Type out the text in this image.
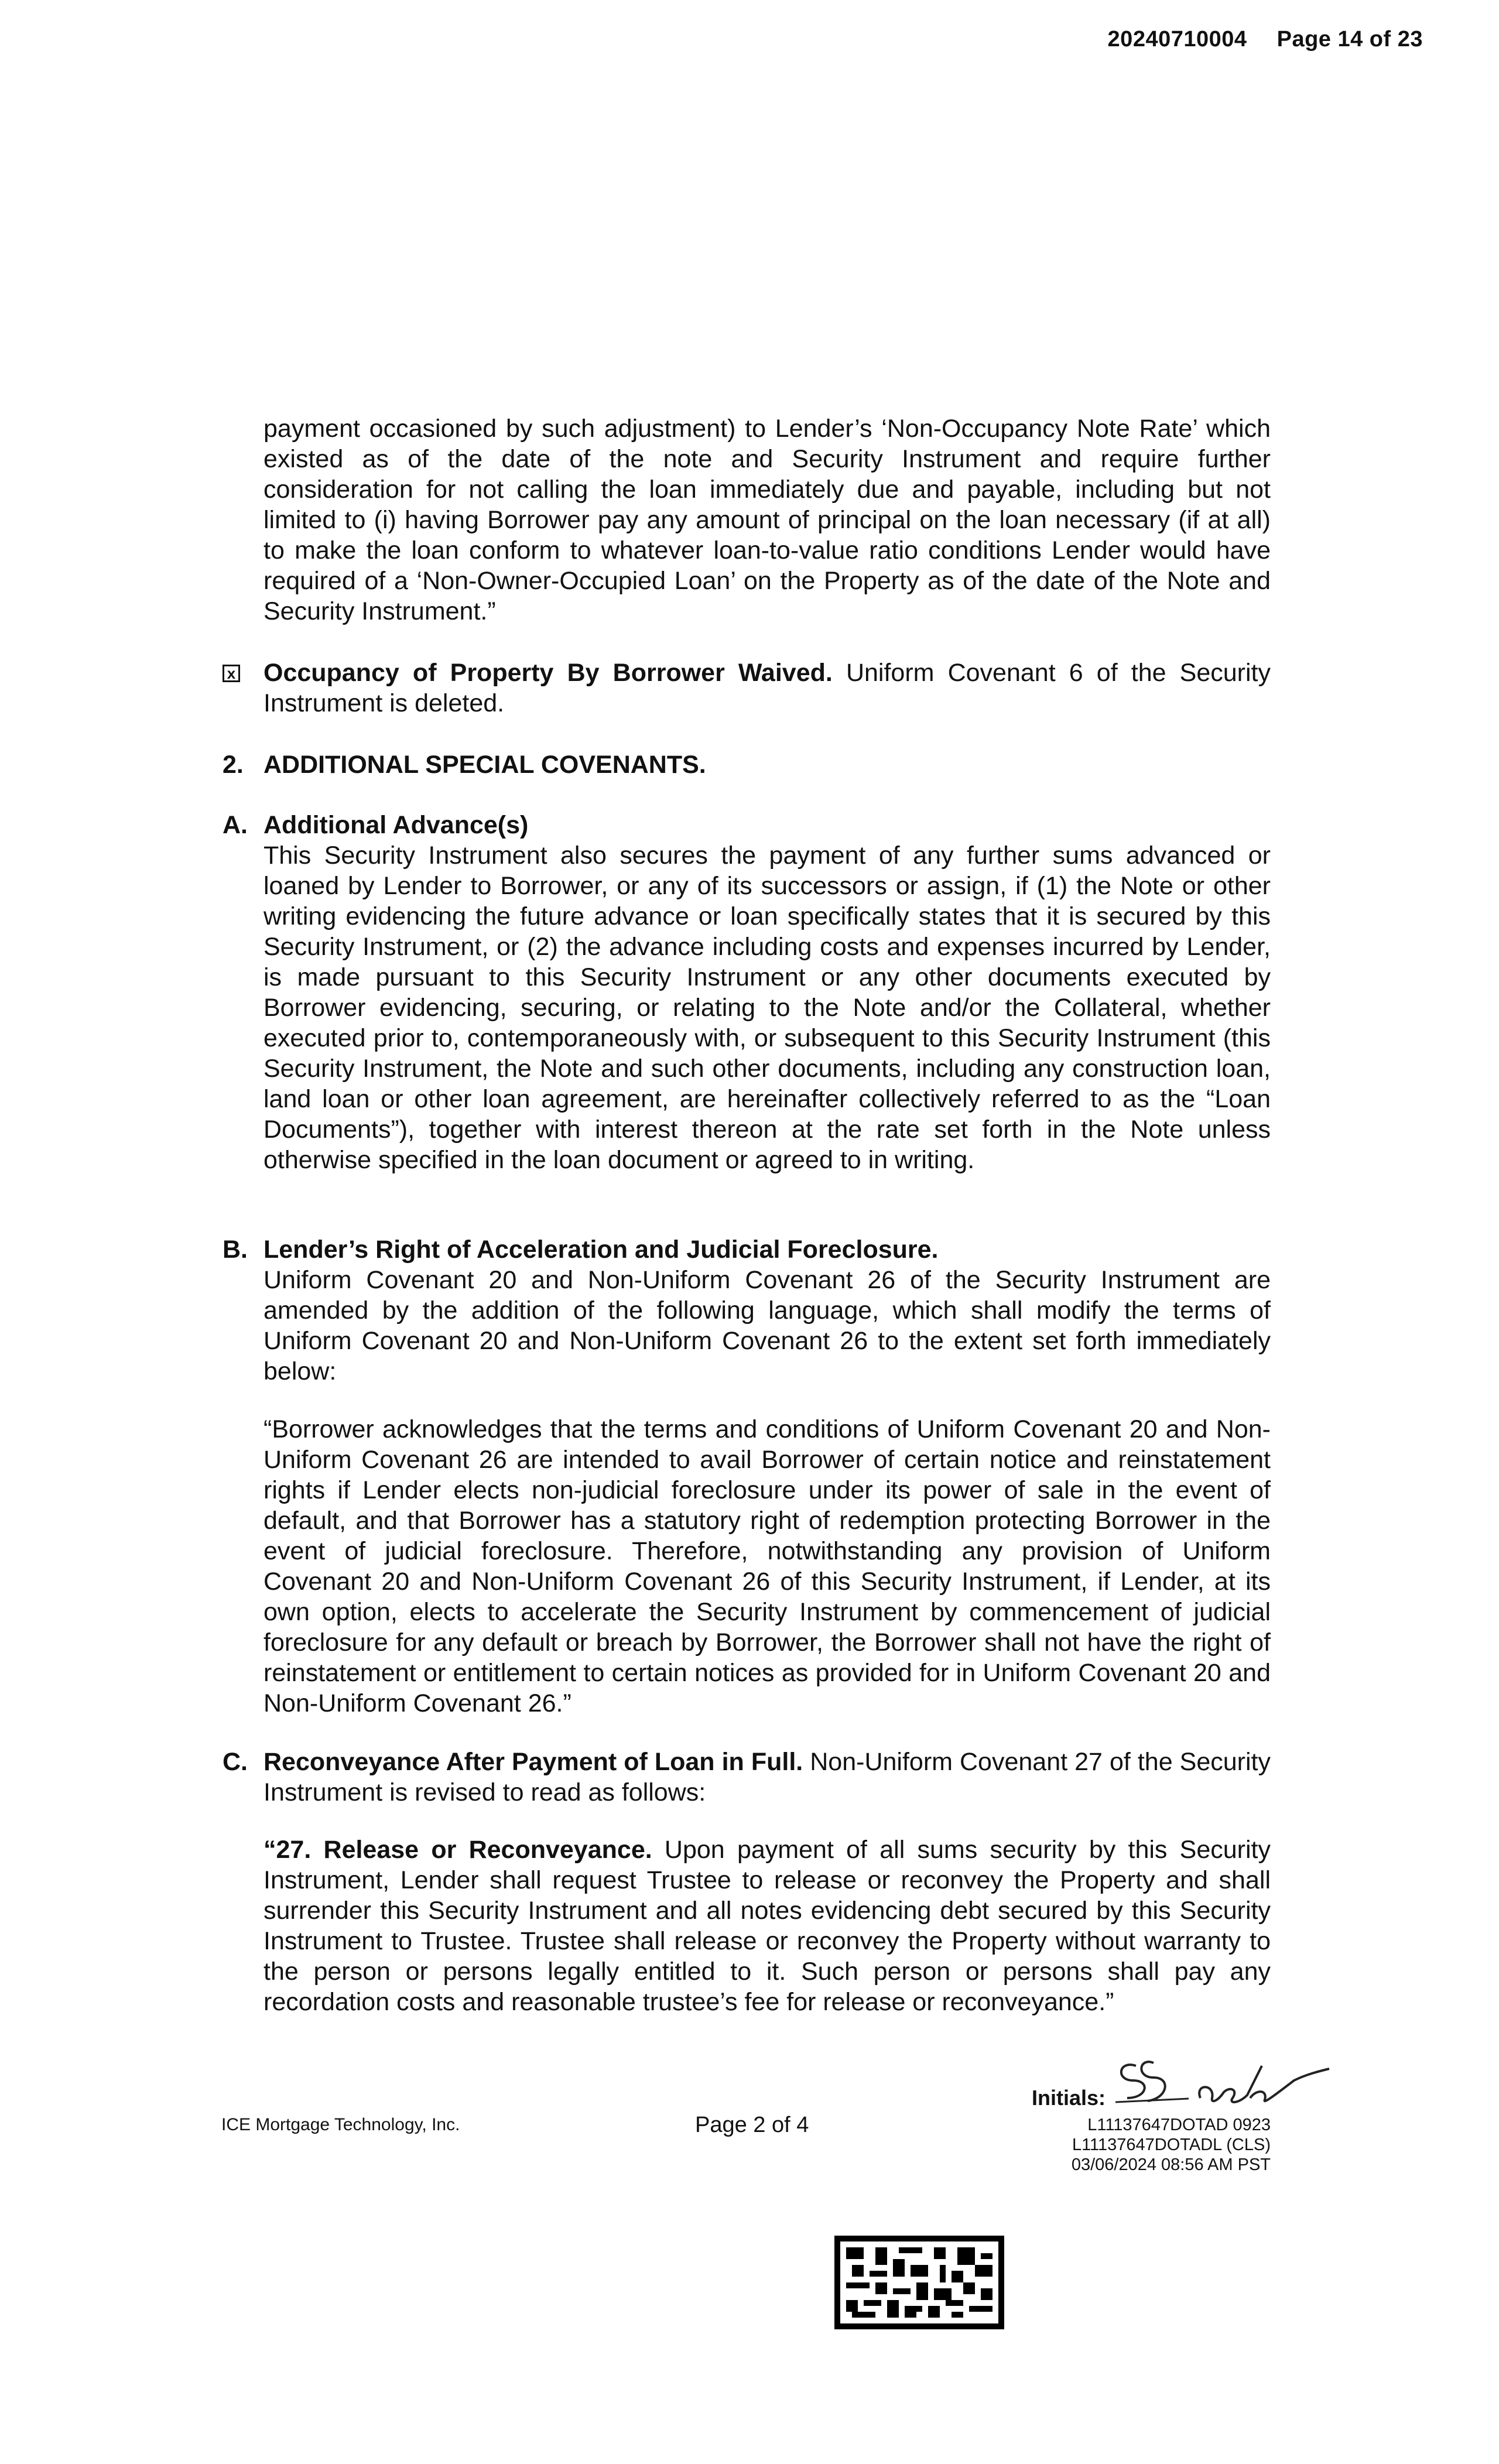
20240710004 Page 14 of 23
payment occasioned by such adjustment) to Lender’s ‘Non-Occupancy Note Rate’ which existed as of the date of the note and Security Instrument and require further consideration for not calling the loan immediately due and payable, including but not limited to (i) having Borrower pay any amount of principal on the loan necessary (if at all) to make the loan conform to whatever loan-to-value ratio conditions Lender would have required of a ‘Non-Owner-Occupied Loan’ on the Property as of the date of the Note and Security Instrument.”
x Occupancy of Property By Borrower Waived. Uniform Covenant 6 of the Security Instrument is deleted.
2. ADDITIONAL SPECIAL COVENANTS.
A. Additional Advance(s)
This Security Instrument also secures the payment of any further sums advanced or loaned by Lender to Borrower, or any of its successors or assign, if (1) the Note or other writing evidencing the future advance or loan specifically states that it is secured by this Security Instrument, or (2) the advance including costs and expenses incurred by Lender, is made pursuant to this Security Instrument or any other documents executed by Borrower evidencing, securing, or relating to the Note and/or the Collateral, whether executed prior to, contemporaneously with, or subsequent to this Security Instrument (this Security Instrument, the Note and such other documents, including any construction loan, land loan or other loan agreement, are hereinafter collectively referred to as the “Loan Documents”), together with interest thereon at the rate set forth in the Note unless otherwise specified in the loan document or agreed to in writing.
B. Lender’s Right of Acceleration and Judicial Foreclosure.
Uniform Covenant 20 and Non-Uniform Covenant 26 of the Security Instrument are amended by the addition of the following language, which shall modify the terms of Uniform Covenant 20 and Non-Uniform Covenant 26 to the extent set forth immediately below:
“Borrower acknowledges that the terms and conditions of Uniform Covenant 20 and Non-Uniform Covenant 26 are intended to avail Borrower of certain notice and reinstatement rights if Lender elects non-judicial foreclosure under its power of sale in the event of default, and that Borrower has a statutory right of redemption protecting Borrower in the event of judicial foreclosure. Therefore, notwithstanding any provision of Uniform Covenant 20 and Non-Uniform Covenant 26 of this Security Instrument, if Lender, at its own option, elects to accelerate the Security Instrument by commencement of judicial foreclosure for any default or breach by Borrower, the Borrower shall not have the right of reinstatement or entitlement to certain notices as provided for in Uniform Covenant 20 and Non-Uniform Covenant 26.”
C. Reconveyance After Payment of Loan in Full. Non-Uniform Covenant 27 of the Security Instrument is revised to read as follows:
“27. Release or Reconveyance. Upon payment of all sums security by this Security Instrument, Lender shall request Trustee to release or reconvey the Property and shall surrender this Security Instrument and all notes evidencing debt secured by this Security Instrument to Trustee. Trustee shall release or reconvey the Property without warranty to the person or persons legally entitled to it. Such person or persons shall pay any recordation costs and reasonable trustee’s fee for release or reconveyance.”
ICE Mortgage Technology, Inc.	Page 2 of 4
Initials:
L11137647DOTAD 0923
L11137647DOTADL (CLS)
03/06/2024 08:56 AM PST
